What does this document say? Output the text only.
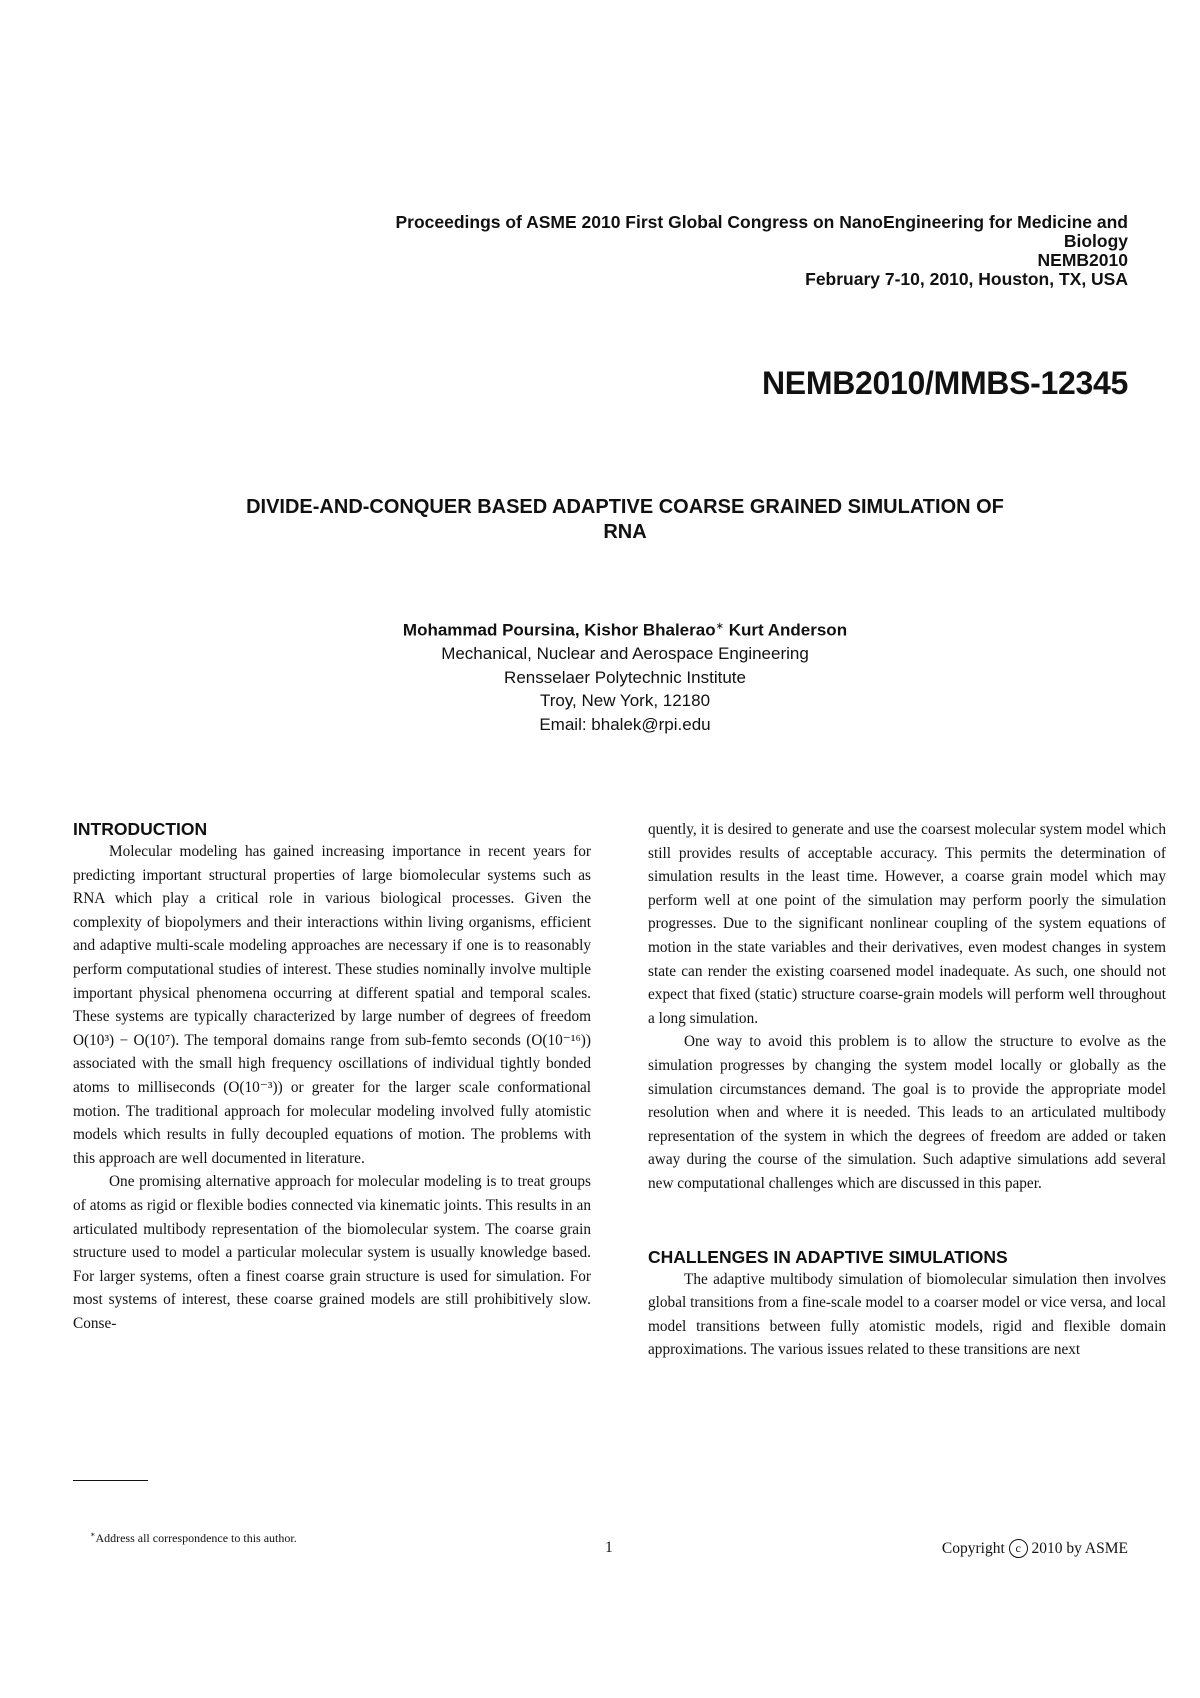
Proceedings of ASME 2010 First Global Congress on NanoEngineering for Medicine and
Biology
NEMB2010
February 7-10, 2010, Houston, TX, USA
NEMB2010/MMBS-12345
DIVIDE-AND-CONQUER BASED ADAPTIVE COARSE GRAINED SIMULATION OF
RNA
Mohammad Poursina, Kishor Bhalerao∗ Kurt Anderson
Mechanical, Nuclear and Aerospace Engineering
Rensselaer Polytechnic Institute
Troy, New York, 12180
Email: bhalek@rpi.edu
INTRODUCTION

Molecular modeling has gained increasing importance in recent years for predicting important structural properties of large biomolecular systems such as RNA which play a critical role in various biological processes. Given the complexity of biopolymers and their interactions within living organisms, efficient and adaptive multi-scale modeling approaches are necessary if one is to reasonably perform computational studies of interest. These studies nominally involve multiple important physical phenomena occurring at different spatial and temporal scales. These systems are typically characterized by large number of degrees of freedom O(10³) − O(10⁷). The temporal domains range from sub-femto seconds (O(10⁻¹⁶)) associated with the small high frequency oscillations of individual tightly bonded atoms to milliseconds (O(10⁻³)) or greater for the larger scale conformational motion. The traditional approach for molecular modeling involved fully atomistic models which results in fully decoupled equations of motion. The problems with this approach are well documented in literature.

One promising alternative approach for molecular modeling is to treat groups of atoms as rigid or flexible bodies connected via kinematic joints. This results in an articulated multibody representation of the biomolecular system. The coarse grain structure used to model a particular molecular system is usually knowledge based. For larger systems, often a finest coarse grain structure is used for simulation. For most systems of interest, these coarse grained models are still prohibitively slow. Conse-

quently, it is desired to generate and use the coarsest molecular system model which still provides results of acceptable accuracy. This permits the determination of simulation results in the least time. However, a coarse grain model which may perform well at one point of the simulation may perform poorly the simulation progresses. Due to the significant nonlinear coupling of the system equations of motion in the state variables and their derivatives, even modest changes in system state can render the existing coarsened model inadequate. As such, one should not expect that fixed (static) structure coarse-grain models will perform well throughout a long simulation.

One way to avoid this problem is to allow the structure to evolve as the simulation progresses by changing the system model locally or globally as the simulation circumstances demand. The goal is to provide the appropriate model resolution when and where it is needed. This leads to an articulated multibody representation of the system in which the degrees of freedom are added or taken away during the course of the simulation. Such adaptive simulations add several new computational challenges which are discussed in this paper.

CHALLENGES IN ADAPTIVE SIMULATIONS

The adaptive multibody simulation of biomolecular simulation then involves global transitions from a fine-scale model to a coarser model or vice versa, and local model transitions between fully atomistic models, rigid and flexible domain approximations. The various issues related to these transitions are next

∗Address all correspondence to this author.
1	Copyright c 2010 by ASME
